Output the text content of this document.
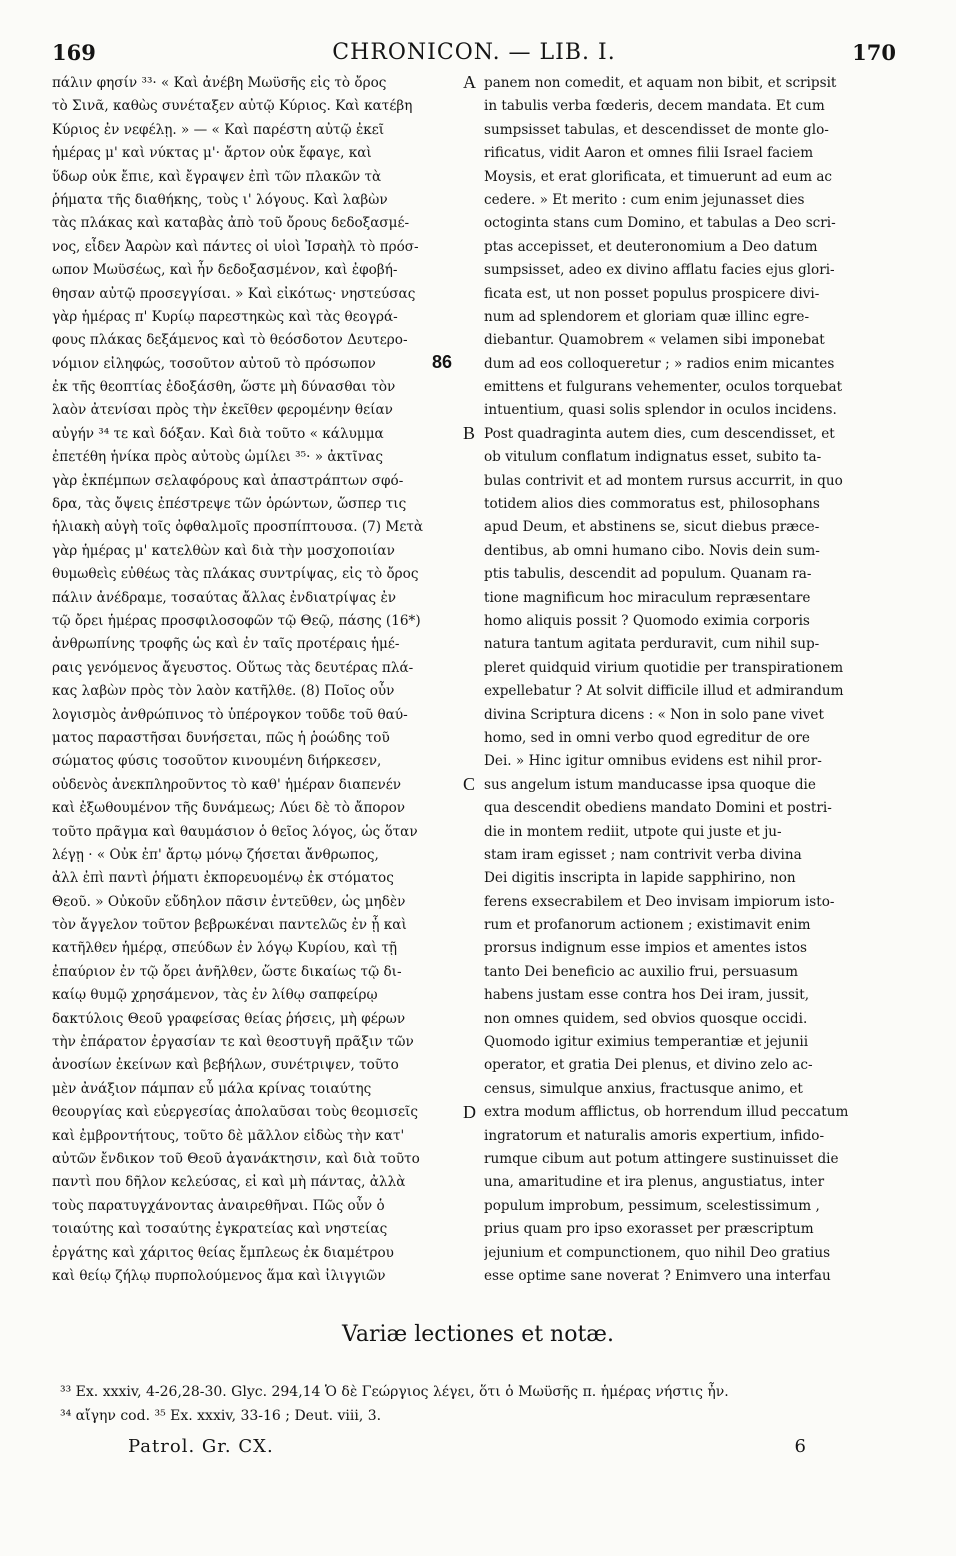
169	CHRONICON. — LIB. I.	170
πάλιν φησίν ³³· « Καὶ ἀνέβη Μωϋσῆς εἰς τὸ ὄρος
τὸ Σινᾶ, καθὼς συνέταξεν αὐτῷ Κύριος. Καὶ κατέβη
Κύριος ἐν νεφέλῃ. » — « Καὶ παρέστη αὐτῷ ἐκεῖ
ἡμέρας μ' καὶ νύκτας μ'· ἄρτον οὐκ ἔφαγε, καὶ
ὕδωρ οὐκ ἔπιε, καὶ ἔγραψεν ἐπὶ τῶν πλακῶν τὰ
ῥήματα τῆς διαθήκης, τοὺς ι' λόγους. Καὶ λαβὼν
τὰς πλάκας καὶ καταβὰς ἀπὸ τοῦ ὄρους δεδοξασμέ-
νος, εἶδεν Ἀαρὼν καὶ πάντες οἱ υἱοὶ Ἰσραὴλ τὸ πρόσ-
ωπον Μωϋσέως, καὶ ἦν δεδοξασμένον, καὶ ἐφοβή-
θησαν αὐτῷ προσεγγίσαι. » Καὶ εἰκότως· νηστεύσας
γὰρ ἡμέρας π' Κυρίῳ παρεστηκὼς καὶ τὰς θεογρά-
φους πλάκας δεξάμενος καὶ τὸ θεόσδοτον Δευτερο-
νόμιον εἰληφώς, τοσοῦτον αὐτοῦ τὸ πρόσωπον
ἐκ τῆς θεοπτίας ἐδοξάσθη, ὥστε μὴ δύνασθαι τὸν
λαὸν ἀτενίσαι πρὸς τὴν ἐκεῖθεν φερομένην θείαν
αὐγήν ³⁴ τε καὶ δόξαν. Καὶ διὰ τοῦτο « κάλυμμα
ἐπετέθη ἡνίκα πρὸς αὐτοὺς ὡμίλει ³⁵· » ἀκτῖνας
γὰρ ἐκπέμπων σελαφόρους καὶ ἀπαστράπτων σφό-
δρα, τὰς ὄψεις ἐπέστρεψε τῶν ὁρώντων, ὥσπερ τις
ἡλιακὴ αὐγὴ τοῖς ὀφθαλμοῖς προσπίπτουσα. (7) Μετὰ
γὰρ ἡμέρας μ' κατελθὼν καὶ διὰ τὴν μοσχοποιίαν
θυμωθεὶς εὐθέως τὰς πλάκας συντρίψας, εἰς τὸ ὄρος
πάλιν ἀνέδραμε, τοσαύτας ἄλλας ἐνδιατρίψας ἐν
τῷ ὄρει ἡμέρας προσφιλοσοφῶν τῷ Θεῷ, πάσης (16*)
ἀνθρωπίνης τροφῆς ὡς καὶ ἐν ταῖς προτέραις ἡμέ-
ραις γενόμενος ἄγευστος. Οὕτως τὰς δευτέρας πλά-
κας λαβὼν πρὸς τὸν λαὸν κατῆλθε. (8) Ποῖος οὖν
λογισμὸς ἀνθρώπινος τὸ ὑπέρογκον τοῦδε τοῦ θαύ-
ματος παραστῆσαι δυνήσεται, πῶς ἡ ῥοώδης τοῦ
σώματος φύσις τοσοῦτον κινουμένη διήρκεσεν,
οὐδενὸς ἀνεκπληροῦντος τὸ καθ' ἡμέραν διαπενέν
καὶ ἐξωθουμένον τῆς δυνάμεως; Λύει δὲ τὸ ἄπορον
τοῦτο πρᾶγμα καὶ θαυμάσιον ὁ θεῖος λόγος, ὡς ὅταν
λέγῃ · « Οὐκ ἐπ' ἄρτῳ μόνῳ ζήσεται ἄνθρωπος,
ἀλλ ἐπὶ παντὶ ῥήματι ἐκπορευομένῳ ἐκ στόματος
Θεοῦ. » Οὐκοῦν εὔδηλον πᾶσιν ἐντεῦθεν, ὡς μηδὲν
τὸν ἄγγελον τοῦτον βεβρωκέναι παντελῶς ἐν ᾗ καὶ
κατῆλθεν ἡμέρᾳ, σπεύδων ἐν λόγῳ Κυρίου, καὶ τῇ
ἐπαύριον ἐν τῷ ὄρει ἀνῆλθεν, ὥστε δικαίως τῷ δι-
καίῳ θυμῷ χρησάμενον, τὰς ἐν λίθῳ σαπφείρῳ
δακτύλοις Θεοῦ γραφείσας θείας ῥήσεις, μὴ φέρων
τὴν ἐπάρατον ἐργασίαν τε καὶ θεοστυγῆ πρᾶξιν τῶν
ἀνοσίων ἐκείνων καὶ βεβήλων, συνέτριψεν, τοῦτο
μὲν ἀνάξιον πάμπαν εὖ μάλα κρίνας τοιαύτης
θεουργίας καὶ εὐεργεσίας ἀπολαῦσαι τοὺς θεομισεῖς
καὶ ἐμβροντήτους, τοῦτο δὲ μᾶλλον εἰδὼς τὴν κατ'
αὐτῶν ἔνδικον τοῦ Θεοῦ ἀγανάκτησιν, καὶ διὰ τοῦτο
παντὶ που δῆλον κελεύσας, εἰ καὶ μὴ πάντας, ἀλλὰ
τοὺς παρατυγχάνοντας ἀναιρεθῆναι. Πῶς οὖν ὁ
τοιαύτης καὶ τοσαύτης ἐγκρατείας καὶ νηστείας
ἐργάτης καὶ χάριτος θείας ἔμπλεως ἐκ διαμέτρου
καὶ θείῳ ζήλῳ πυρπολούμενος ἅμα καὶ ἰλιγγιῶν
A
B
C
D
86
panem non comedit, et aquam non bibit, et scripsit
in tabulis verba fœderis, decem mandata. Et cum
sumpsisset tabulas, et descendisset de monte glo-
rificatus, vidit Aaron et omnes filii Israel faciem
Moysis, et erat glorificata, et timuerunt ad eum ac
cedere. » Et merito : cum enim jejunasset dies
octoginta stans cum Domino, et tabulas a Deo scri-
ptas accepisset, et deuteronomium a Deo datum
sumpsisset, adeo ex divino afflatu facies ejus glori-
ficata est, ut non posset populus prospicere divi-
num ad splendorem et gloriam quæ illinc egre-
diebantur. Quamobrem « velamen sibi imponebat
dum ad eos colloqueretur ; » radios enim micantes
emittens et fulgurans vehementer, oculos torquebat
intuentium, quasi solis splendor in oculos incidens.
Post quadraginta autem dies, cum descendisset, et
ob vitulum conflatum indignatus esset, subito ta-
bulas contrivit et ad montem rursus accurrit, in quo
totidem alios dies commoratus est, philosophans
apud Deum, et abstinens se, sicut diebus præce-
dentibus, ab omni humano cibo. Novis dein sum-
ptis tabulis, descendit ad populum. Quanam ra-
tione magnificum hoc miraculum repræsentare
homo aliquis possit ? Quomodo eximia corporis
natura tantum agitata perduravit, cum nihil sup-
pleret quidquid virium quotidie per transpirationem
expellebatur ? At solvit difficile illud et admirandum
divina Scriptura dicens : « Non in solo pane vivet
homo, sed in omni verbo quod egreditur de ore
Dei. » Hinc igitur omnibus evidens est nihil pror-
sus angelum istum manducasse ipsa quoque die
qua descendit obediens mandato Domini et postri-
die in montem rediit, utpote qui juste et ju-
stam iram egisset ; nam contrivit verba divina
Dei digitis inscripta in lapide sapphirino, non
ferens exsecrabilem et Deo invisam impiorum isto-
rum et profanorum actionem ; existimavit enim
prorsus indignum esse impios et amentes istos
tanto Dei beneficio ac auxilio frui, persuasum
habens justam esse contra hos Dei iram, jussit,
non omnes quidem, sed obvios quosque occidi.
Quomodo igitur eximius temperantiæ et jejunii
operator, et gratia Dei plenus, et divino zelo ac-
census, simulque anxius, fractusque animo, et
extra modum afflictus, ob horrendum illud peccatum
ingratorum et naturalis amoris expertium, infido-
rumque cibum aut potum attingere sustinuisset die
una, amaritudine et ira plenus, angustiatus, inter
populum improbum, pessimum, scelestissimum ,
prius quam pro ipso exorasset per præscriptum
jejunium et compunctionem, quo nihil Deo gratius
esse optime sane noverat ? Enimvero una interfau
Variæ lectiones et notæ.
³³ Ex. xxxiv, 4-26,28-30. Glyc. 294,14 Ὁ δὲ Γεώργιος λέγει, ὅτι ὁ Μωϋσῆς π. ἡμέρας νήστις ἦν.
³⁴ αἴγην cod. ³⁵ Ex. xxxiv, 33-16 ; Deut. viii, 3.
Patrol. Gr. CX.	6
